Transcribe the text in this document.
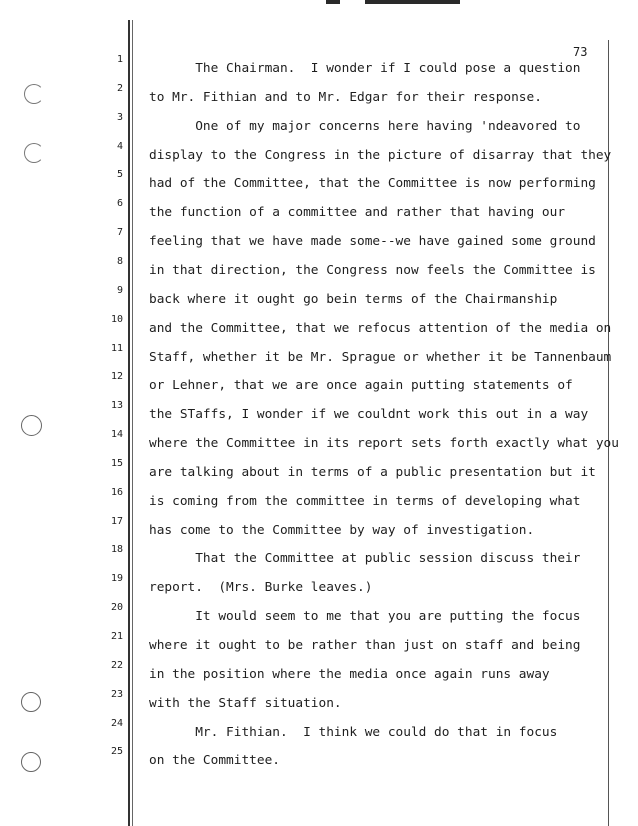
73
1
2
3
4
5
6
7
8
9
10
11
12
13
14
15
16
17
18
19
20
21
22
23
24
25
The Chairman.  I wonder if I could pose a question
to Mr. Fithian and to Mr. Edgar for their response.
One of my major concerns here having 'ndeavored to
display to the Congress in the picture of disarray that they
had of the Committee, that the Committee is now performing
the function of a committee and rather that having our
feeling that we have made some--we have gained some ground
in that direction, the Congress now feels the Committee is
back where it ought go bein terms of the Chairmanship
and the Committee, that we refocus attention of the media on
Staff, whether it be Mr. Sprague or whether it be Tannenbaum
or Lehner, that we are once again putting statements of
the STaffs, I wonder if we couldnt work this out in a way
where the Committee in its report sets forth exactly what you
are talking about in terms of a public presentation but it
is coming from the committee in terms of developing what
has come to the Committee by way of investigation.
That the Committee at public session discuss their
report.  (Mrs. Burke leaves.)
It would seem to me that you are putting the focus
where it ought to be rather than just on staff and being
in the position where the media once again runs away
with the Staff situation.
Mr. Fithian.  I think we could do that in focus
on the Committee.
